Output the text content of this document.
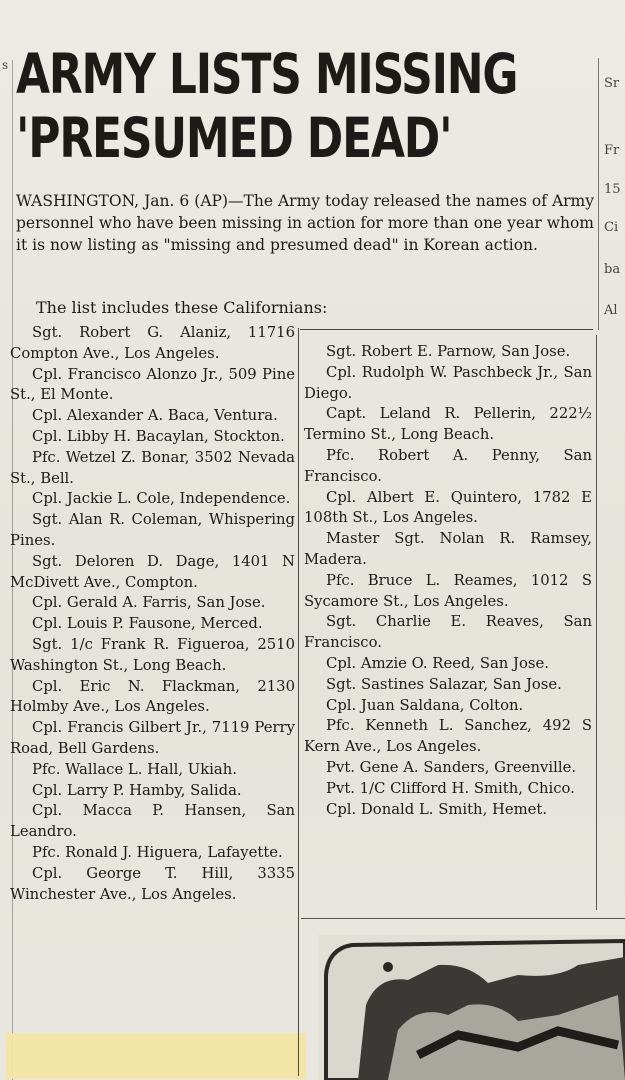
s
Sr
Fr
15
Ci
ba
Al
ARMY LISTS MISSING
'PRESUMED DEAD'

WASHINGTON, Jan. 6 (AP)—The Army today released the names of Army personnel who have been missing in action for more than one year whom it is now listing as "missing and presumed dead" in Korean action.

The list includes these Californians:

Sgt. Robert G. Alaniz, 11716 Compton Ave., Los Angeles.
Cpl. Francisco Alonzo Jr., 509 Pine St., El Monte.
Cpl. Alexander A. Baca, Ventura.
Cpl. Libby H. Bacaylan, Stockton.
Pfc. Wetzel Z. Bonar, 3502 Nevada St., Bell.
Cpl. Jackie L. Cole, Independence.
Sgt. Alan R. Coleman, Whispering Pines.
Sgt. Deloren D. Dage, 1401 N McDivett Ave., Compton.
Cpl. Gerald A. Farris, San Jose.
Cpl. Louis P. Fausone, Merced.
Sgt. 1/c Frank R. Figueroa, 2510 Washington St., Long Beach.
Cpl. Eric N. Flackman, 2130 Holmby Ave., Los Angeles.
Cpl. Francis Gilbert Jr., 7119 Perry Road, Bell Gardens.
Pfc. Wallace L. Hall, Ukiah.
Cpl. Larry P. Hamby, Salida.
Cpl. Macca P. Hansen, San Leandro.
Pfc. Ronald J. Higuera, Lafayette.
Cpl. George T. Hill, 3335 Winchester Ave., Los Angeles.
Sgt. Robert E. Parnow, San Jose.
Cpl. Rudolph W. Paschbeck Jr., San Diego.
Capt. Leland R. Pellerin, 222½ Termino St., Long Beach.
Pfc. Robert A. Penny, San Francisco.
Cpl. Albert E. Quintero, 1782 E 108th St., Los Angeles.
Master Sgt. Nolan R. Ramsey, Madera.
Pfc. Bruce L. Reames, 1012 S Sycamore St., Los Angeles.
Sgt. Charlie E. Reaves, San Francisco.
Cpl. Amzie O. Reed, San Jose.
Sgt. Sastines Salazar, San Jose.
Cpl. Juan Saldana, Colton.
Pfc. Kenneth L. Sanchez, 492 S Kern Ave., Los Angeles.
Pvt. Gene A. Sanders, Greenville.
Pvt. 1/C Clifford H. Smith, Chico.
Cpl. Donald L. Smith, Hemet.
